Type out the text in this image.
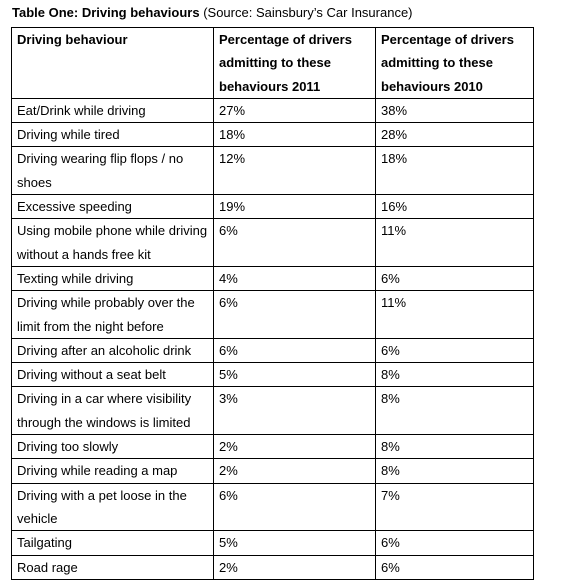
Table One: Driving behaviours (Source: Sainsbury’s Car Insurance)
Driving behaviour	Percentage of drivers admitting to these behaviours 2011	Percentage of drivers admitting to these behaviours 2010
Eat/Drink while driving	27%	38%
Driving while tired	18%	28%
Driving wearing flip flops / no shoes	12%	18%
Excessive speeding	19%	16%
Using mobile phone while driving without a hands free kit	6%	11%
Texting while driving	4%	6%
Driving while probably over the limit from the night before	6%	11%
Driving after an alcoholic drink	6%	6%
Driving without a seat belt	5%	8%
Driving in a car where visibility through the windows is limited	3%	8%
Driving too slowly	2%	8%
Driving while reading a map	2%	8%
Driving with a pet loose in the vehicle	6%	7%
Tailgating	5%	6%
Road rage	2%	6%
